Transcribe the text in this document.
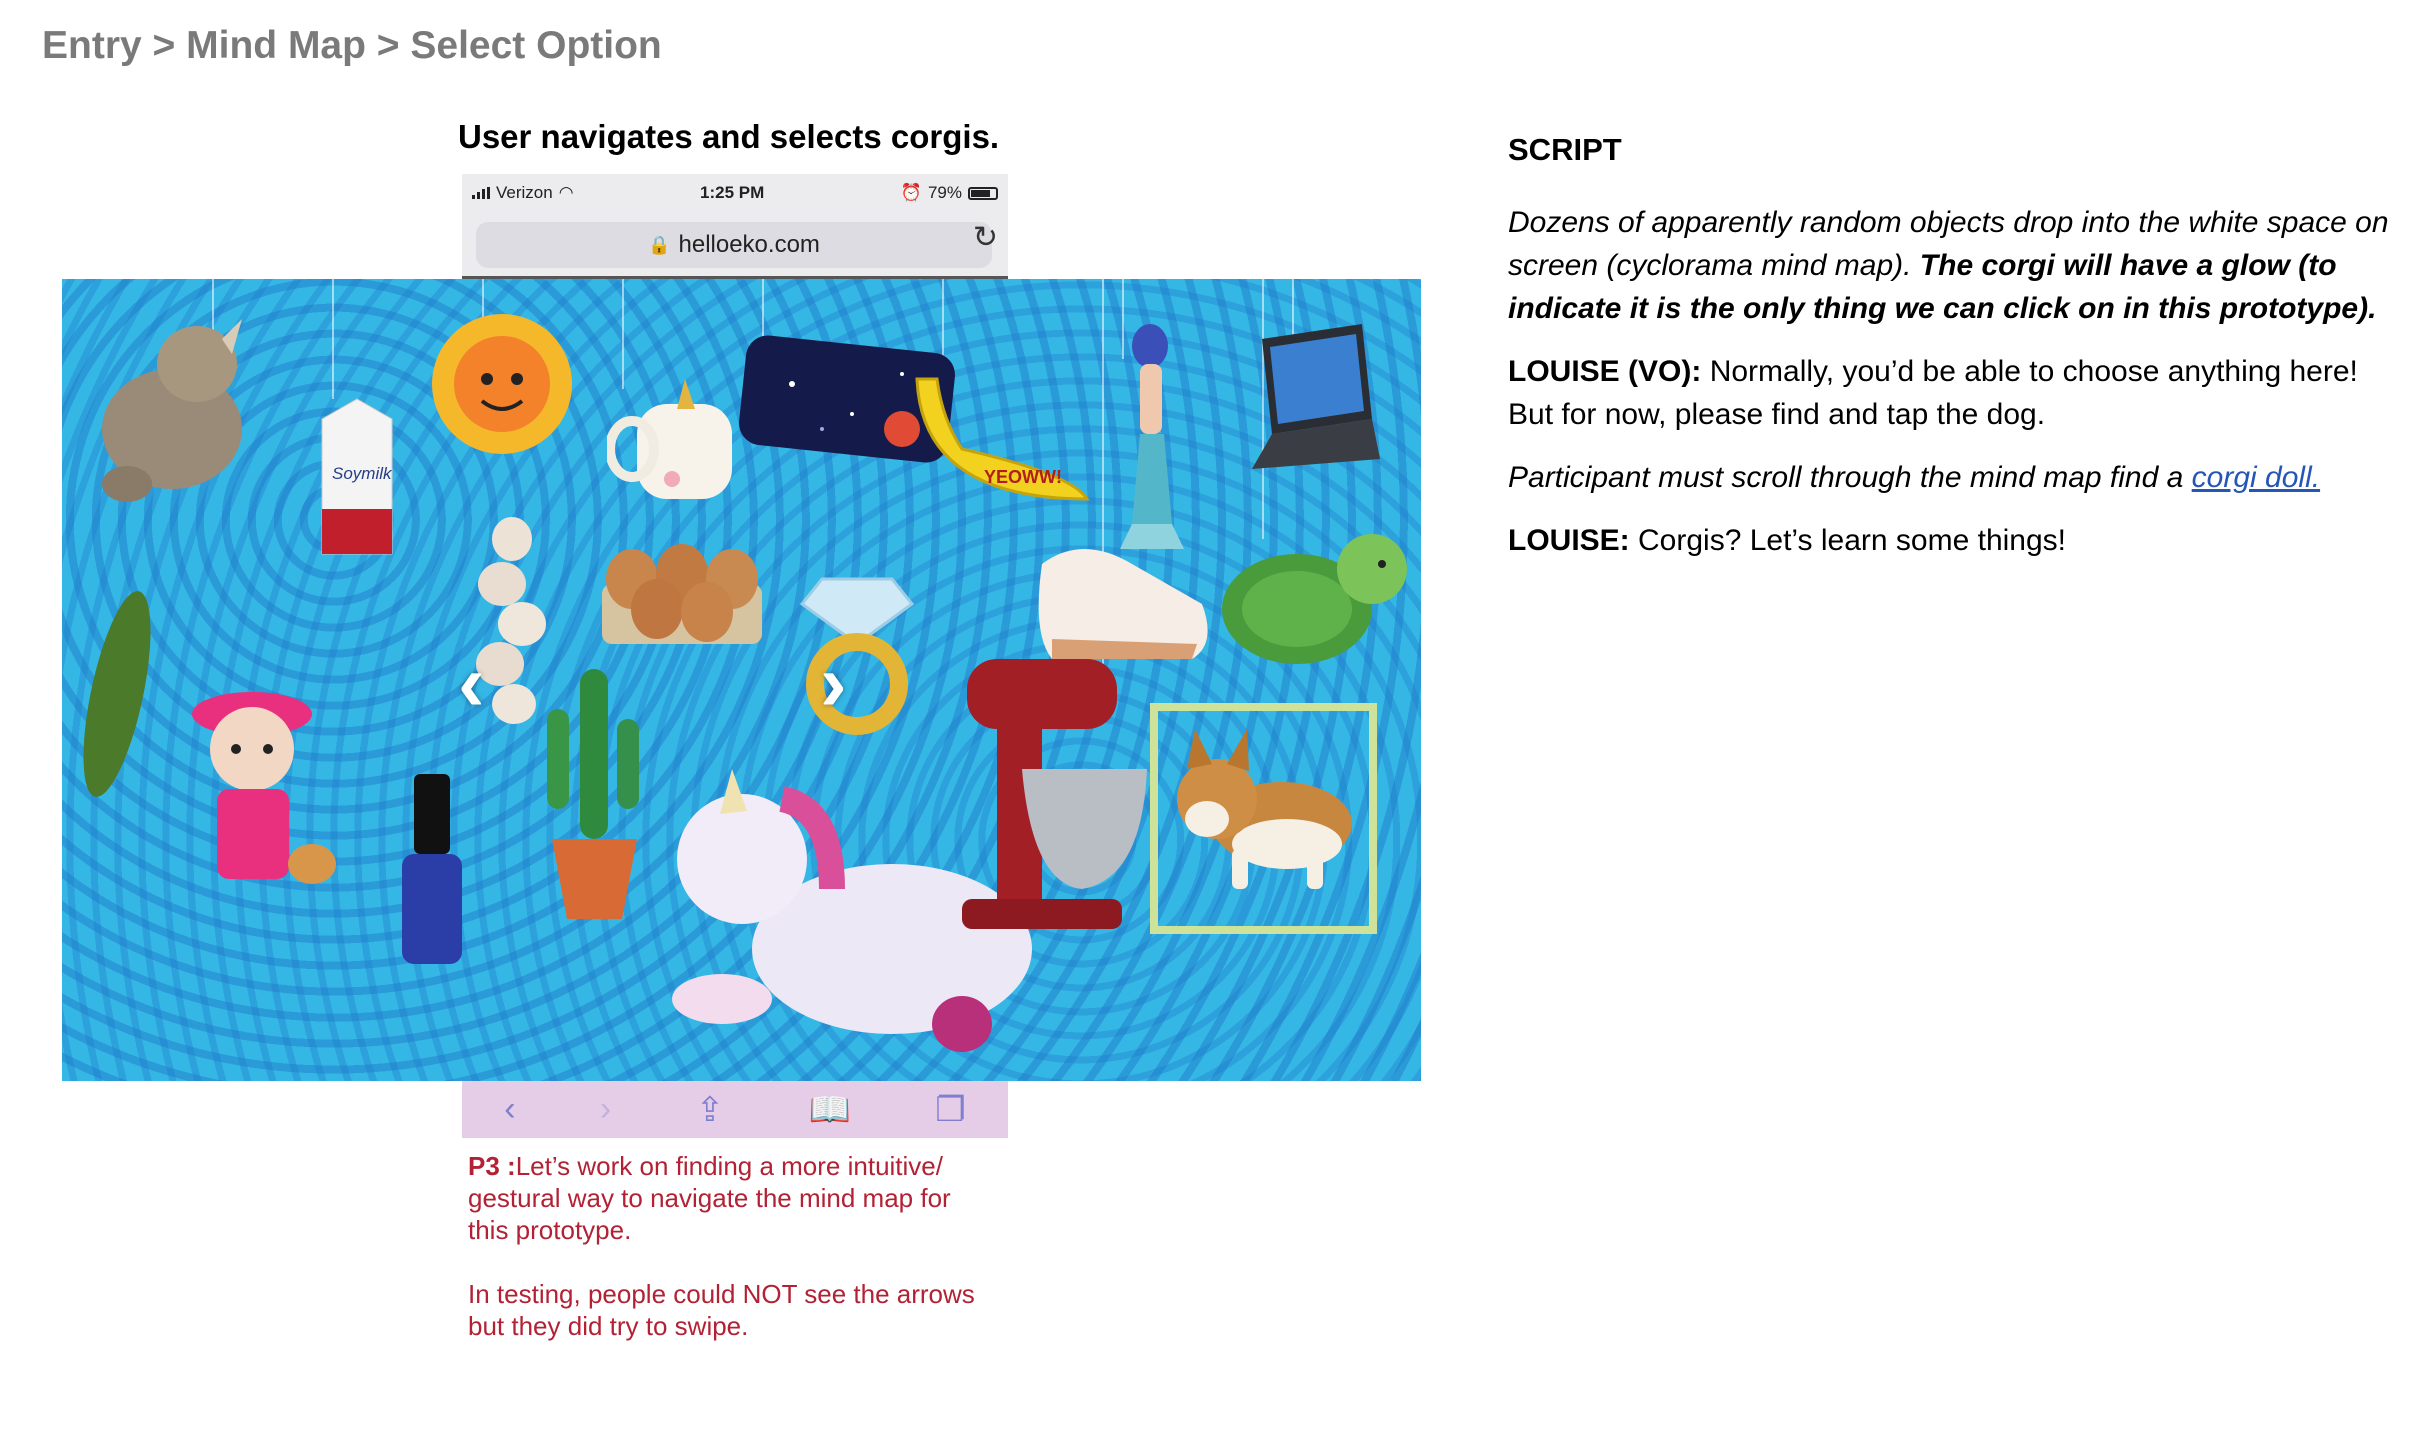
Entry > Mind Map > Select Option
User navigates and selects corgis.
Verizon ◠	1:25 PM	⏰ 79%
🔒 helloeko.com	↻
YEOWW!
Soymilk
‹	›
‹ › ⇪ 📖 ❐

P3 :Let’s work on finding a more intuitive/ gestural way to navigate the mind map for this prototype.

In testing, people could NOT see the arrows but they did try to swipe.

SCRIPT

Dozens of apparently random objects drop into the white space on screen (cyclorama mind map). The corgi will have a glow (to indicate it is the only thing we can click on in this prototype).

LOUISE (VO): Normally, you’d be able to choose anything here! But for now, please find and tap the dog.

Participant must scroll through the mind map find a corgi doll.

LOUISE: Corgis? Let’s learn some things!
